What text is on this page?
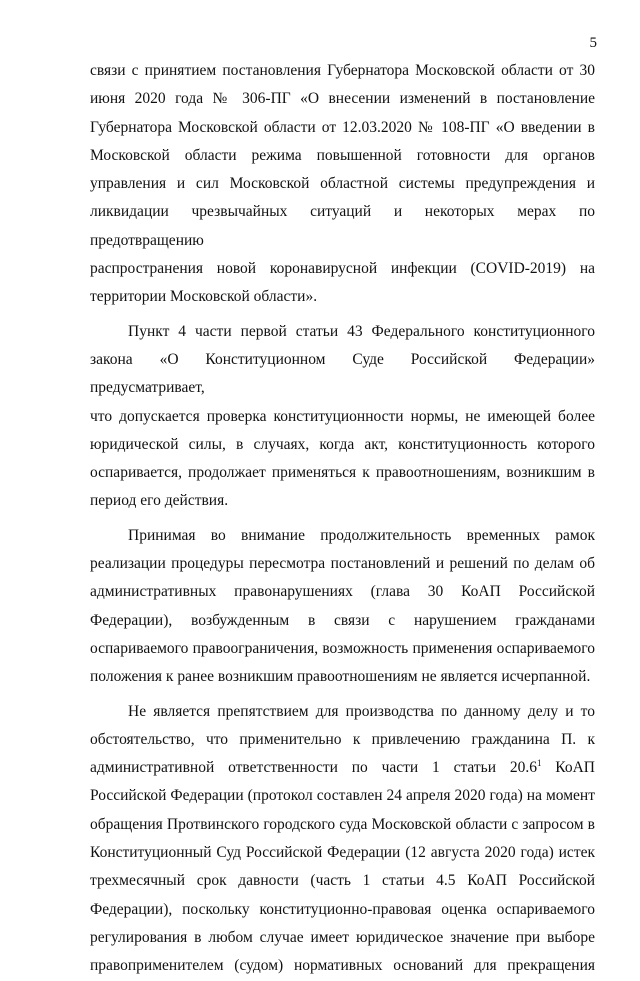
5

связи с принятием постановления Губернатора Московской области от 30
июня 2020 года № 306-ПГ «О внесении изменений в постановление
Губернатора Московской области от 12.03.2020 № 108-ПГ «О введении в
Московской области режима повышенной готовности для органов
управления и сил Московской областной системы предупреждения и
ликвидации чрезвычайных ситуаций и некоторых мерах по предотвращению
распространения новой коронавирусной инфекции (COVID-2019) на
территории Московской области».

Пункт 4 части первой статьи 43 Федерального конституционного
закона «О Конституционном Суде Российской Федерации» предусматривает,
что допускается проверка конституционности нормы, не имеющей более
юридической силы, в случаях, когда акт, конституционность которого
оспаривается, продолжает применяться к правоотношениям, возникшим в
период его действия.

Принимая во внимание продолжительность временных рамок
реализации процедуры пересмотра постановлений и решений по делам об
административных правонарушениях (глава 30 КоАП Российской
Федерации), возбужденным в связи с нарушением гражданами
оспариваемого правоограничения, возможность применения оспариваемого
положения к ранее возникшим правоотношениям не является исчерпанной.

Не является препятствием для производства по данному делу и то
обстоятельство, что применительно к привлечению гражданина П. к
административной ответственности по части 1 статьи 20.6$^1$ КоАП
Российской Федерации (протокол составлен 24 апреля 2020 года) на момент
обращения Протвинского городского суда Московской области с запросом в
Конституционный Суд Российской Федерации (12 августа 2020 года) истек
трехмесячный срок давности (часть 1 статьи 4.5 КоАП Российской
Федерации), поскольку конституционно-правовая оценка оспариваемого
регулирования в любом случае имеет юридическое значение при выборе
правоприменителем (судом) нормативных оснований для прекращения
